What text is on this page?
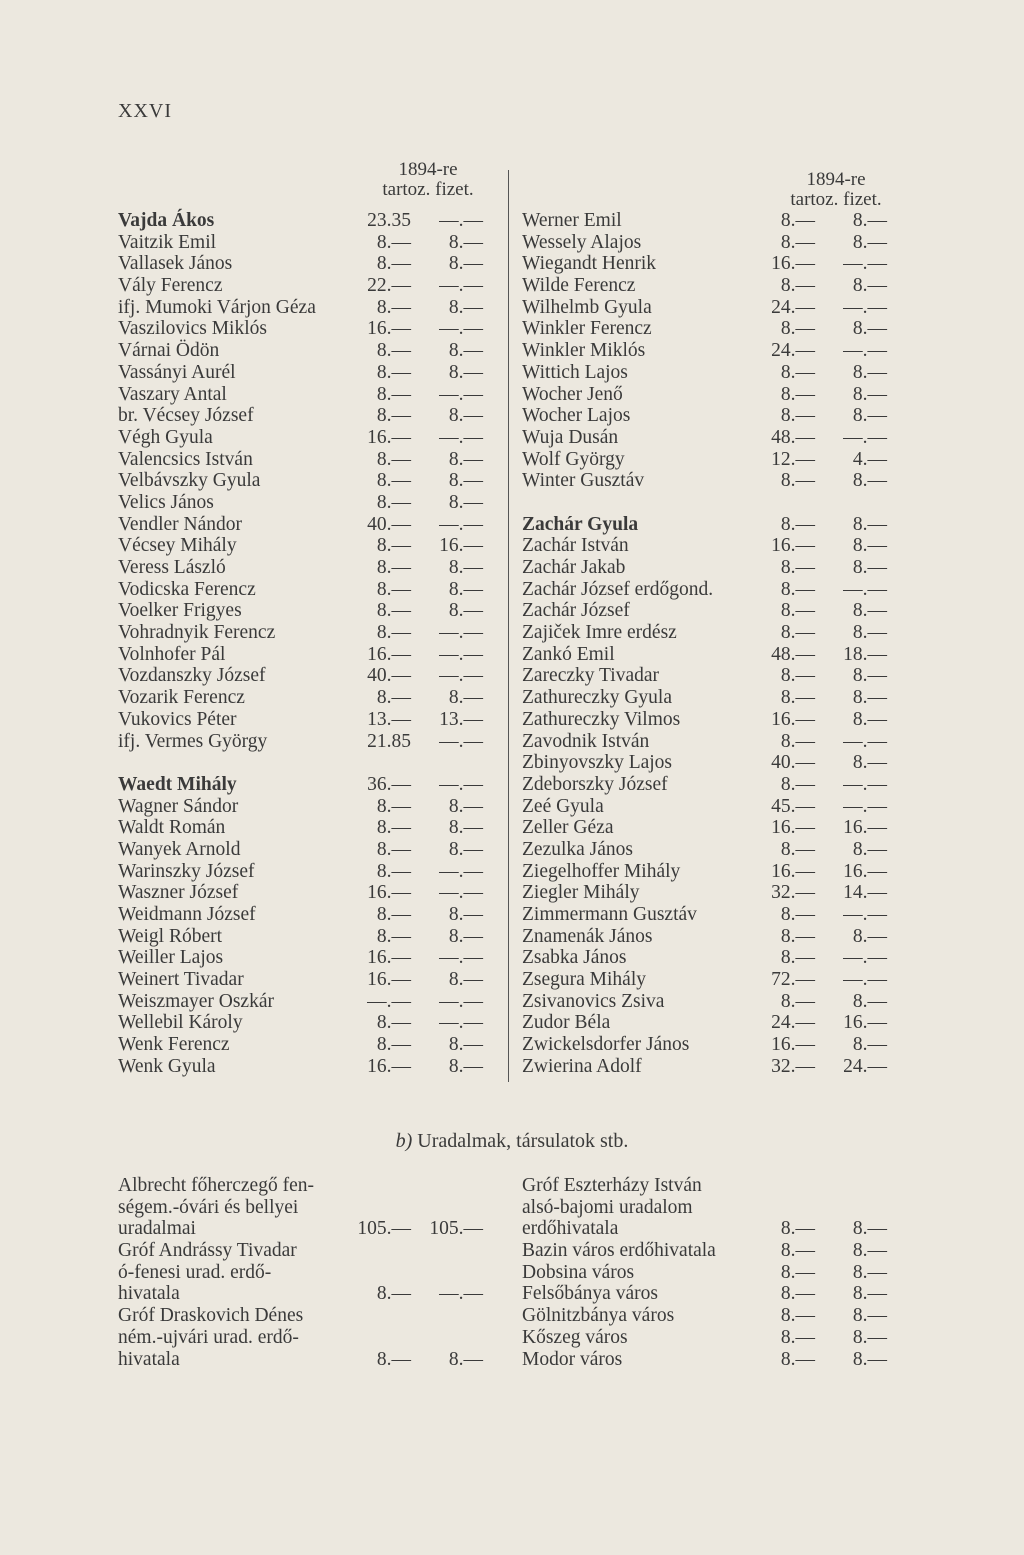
XXVI
1894-re
tartoz. fizet.	1894-re
tartoz. fizet.
Vajda Ákos	23.35 —.—
Vaitzik Emil	8.— 8.—
Vallasek János	8.— 8.—
Vály Ferencz	22.— —.—
ifj. Mumoki Várjon Géza	8.— 8.—
Vaszilovics Miklós	16.— —.—
Várnai Ödön	8.— 8.—
Vassányi Aurél	8.— 8.—
Vaszary Antal	8.— —.—
br. Vécsey József	8.— 8.—
Végh Gyula	16.— —.—
Valencsics István	8.— 8.—
Velbávszky Gyula	8.— 8.—
Velics János	8.— 8.—
Vendler Nándor	40.— —.—
Vécsey Mihály	8.— 16.—
Veress László	8.— 8.—
Vodicska Ferencz	8.— 8.—
Voelker Frigyes	8.— 8.—
Vohradnyik Ferencz	8.— —.—
Volnhofer Pál	16.— —.—
Vozdanszky József	40.— —.—
Vozarik Ferencz	8.— 8.—
Vukovics Péter	13.— 13.—
ifj. Vermes György	21.85 —.—
Waedt Mihály	36.— —.—
Wagner Sándor	8.— 8.—
Waldt Román	8.— 8.—
Wanyek Arnold	8.— 8.—
Warinszky József	8.— —.—
Waszner József	16.— —.—
Weidmann József	8.— 8.—
Weigl Róbert	8.— 8.—
Weiller Lajos	16.— —.—
Weinert Tivadar	16.— 8.—
Weiszmayer Oszkár	—.— —.—
Wellebil Károly	8.— —.—
Wenk Ferencz	8.— 8.—
Wenk Gyula	16.— 8.—
Werner Emil	8.— 8.—
Wessely Alajos	8.— 8.—
Wiegandt Henrik	16.— —.—
Wilde Ferencz	8.— 8.—
Wilhelmb Gyula	24.— —.—
Winkler Ferencz	8.— 8.—
Winkler Miklós	24.— —.—
Wittich Lajos	8.— 8.—
Wocher Jenő	8.— 8.—
Wocher Lajos	8.— 8.—
Wuja Dusán	48.— —.—
Wolf György	12.— 4.—
Winter Gusztáv	8.— 8.—
Zachár Gyula	8.— 8.—
Zachár István	16.— 8.—
Zachár Jakab	8.— 8.—
Zachár József erdőgond.	8.— —.—
Zachár József	8.— 8.—
Zajiček Imre erdész	8.— 8.—
Zankó Emil	48.— 18.—
Zareczky Tivadar	8.— 8.—
Zathureczky Gyula	8.— 8.—
Zathureczky Vilmos	16.— 8.—
Zavodnik István	8.— —.—
Zbinyovszky Lajos	40.— 8.—
Zdeborszky József	8.— —.—
Zeé Gyula	45.— —.—
Zeller Géza	16.— 16.—
Zezulka János	8.— 8.—
Ziegelhoffer Mihály	16.— 16.—
Ziegler Mihály	32.— 14.—
Zimmermann Gusztáv	8.— —.—
Znamenák János	8.— 8.—
Zsabka János	8.— —.—
Zsegura Mihály	72.— —.—
Zsivanovics Zsiva	8.— 8.—
Zudor Béla	24.— 16.—
Zwickelsdorfer János	16.— 8.—
Zwierina Adolf	32.— 24.—
b) Uradalmak, társulatok stb.
Albrecht főherczegő fen-
ségem.-óvári és bellyei
uradalmai	105.— 105.—
Gróf Andrássy Tivadar
ó-fenesi urad. erdő-
hivatala	8.— —.—
Gróf Draskovich Dénes
ném.-ujvári urad. erdő-
hivatala	8.— 8.—
Gróf Eszterházy István
alsó-bajomi uradalom
erdőhivatala	8.— 8.—
Bazin város erdőhivatala	8.— 8.—
Dobsina város	8.— 8.—
Felsőbánya város	8.— 8.—
Gölnitzbánya város	8.— 8.—
Kőszeg város	8.— 8.—
Modor város	8.— 8.—
